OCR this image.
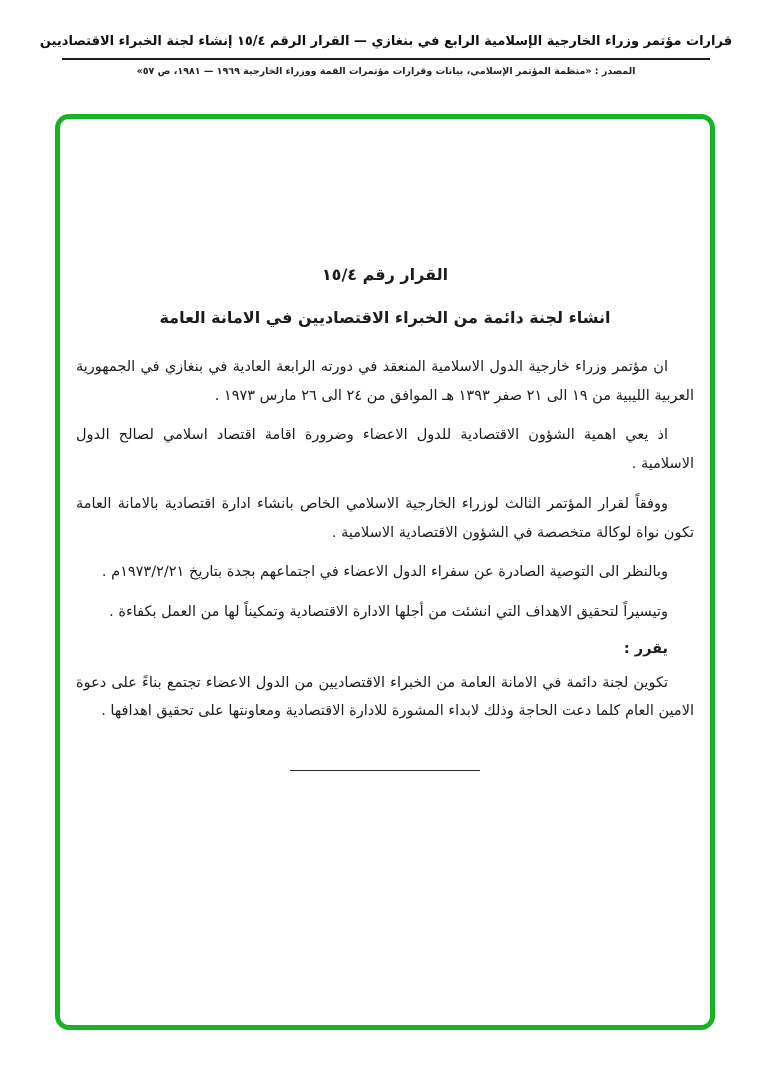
قرارات مؤتمر وزراء الخارجية الإسلامية الرابع في بنغازي — القرار الرقم ١٥/٤ إنشاء لجنة الخبراء الاقتصاديين
المصدر : «منظمة المؤتمر الإسلامي، بيانات وقرارات مؤتمرات القمة ووزراء الخارجية ١٩٦٩ — ١٩٨١، ص ٥٧»
القرار رقم ١٥/٤
انشاء لجنة دائمة من الخبراء الاقتصاديين في الامانة العامة

ان مؤتمر وزراء خارجية الدول الاسلامية المنعقد في دورته الرابعة العادية في بنغازي في الجمهورية العربية الليبية من ١٩ الى ٢١ صفر ١٣٩٣ هـ الموافق من ٢٤ الى ٢٦ مارس ١٩٧٣ .

اذ يعي اهمية الشؤون الاقتصادية للدول الاعضاء وضرورة اقامة اقتصاد اسلامي لصالح الدول الاسلامية .

ووفقاً لقرار المؤتمر الثالث لوزراء الخارجية الاسلامي الخاص بانشاء ادارة اقتصادية بالامانة العامة تكون نواة لوكالة متخصصة في الشؤون الاقتصادية الاسلامية .

وبالنظر الى التوصية الصادرة عن سفراء الدول الاعضاء في اجتماعهم بجدة بتاريخ ١٩٧٣/٢/٢١م .

وتيسيراً لتحقيق الاهداف التي انشئت من أجلها الادارة الاقتصادية وتمكيناً لها من العمل بكفاءة .

يقرر :

تكوين لجنة دائمة في الامانة العامة من الخبراء الاقتصاديين من الدول الاعضاء تجتمع بناءً على دعوة الامين العام كلما دعت الحاجة وذلك لابداء المشورة للادارة الاقتصادية ومعاونتها على تحقيق اهدافها .
